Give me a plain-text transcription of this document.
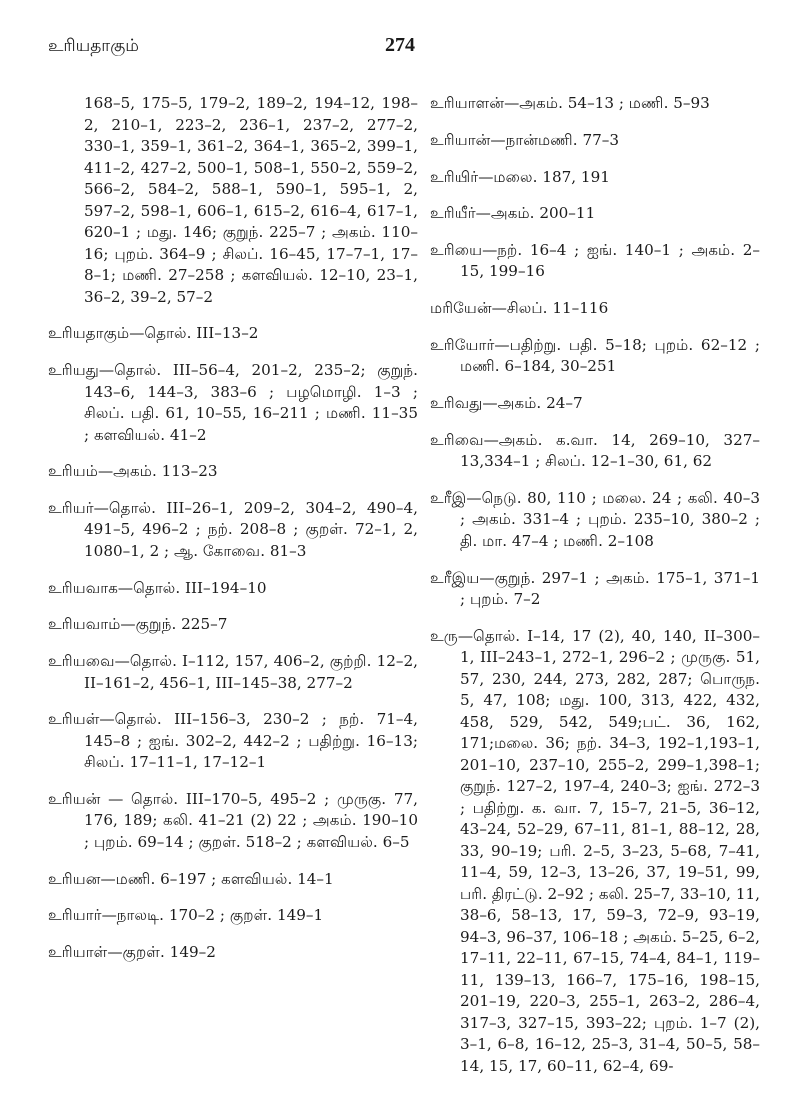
உரியதாகும்	274

168–5, 175–5, 179–2, 189–2, 194–12, 198–2, 210–1, 223–2, 236–1, 237–2, 277–2, 330–1, 359–1, 361–2, 364–1, 365–2, 399–1, 411–2, 427–2, 500–1, 508–1, 550–2, 559–2, 566–2, 584–2, 588–1, 590–1, 595–1, 2, 597–2, 598–1, 606–1, 615–2, 616–4, 617–1, 620–1 ; மது. 146; குறுந். 225–7 ; அகம். 110–16; புறம். 364–9 ; சிலப். 16–45, 17–7–1, 17–8–1; மணி. 27–258 ; களவியல். 12–10, 23–1, 36–2, 39–2, 57–2

உரியதாகும்—தொல். III–13–2

உரியது—தொல். III–56–4, 201–2, 235–2; குறுந். 143–6, 144–3, 383–6 ; பழமொழி. 1–3 ; சிலப். பதி. 61, 10–55, 16–211 ; மணி. 11–35 ; களவியல். 41–2

உரியம்—அகம். 113–23

உரியர்—தொல். III–26–1, 209–2, 304–2, 490–4, 491–5, 496–2 ; நற். 208–8 ; குறள். 72–1, 2, 1080–1, 2 ; ஆ. கோவை. 81–3

உரியவாக—தொல். III–194–10

உரியவாம்—குறுந். 225–7

உரியவை—தொல். I–112, 157, 406–2, குற்றி. 12–2, II–161–2, 456–1, III–145–38, 277–2

உரியள்—தொல். III–156–3, 230–2 ; நற். 71–4, 145–8 ; ஐங். 302–2, 442–2 ; பதிற்று. 16–13; சிலப். 17–11–1, 17–12–1

உரியன் — தொல். III–170–5, 495–2 ; முருகு. 77, 176, 189; கலி. 41–21 (2) 22 ; அகம். 190–10 ; புறம். 69–14 ; குறள். 518–2 ; களவியல். 6–5

உரியன—மணி. 6–197 ; களவியல். 14–1

உரியார்—நாலடி. 170–2 ; குறள். 149–1

உரியாள்—குறள். 149–2

உரியாளன்—அகம். 54–13 ; மணி. 5–93

உரியான்—நான்மணி. 77–3

உரியிர்—மலை. 187, 191

உரியீர்—அகம். 200–11

உரியை—நற். 16–4 ; ஐங். 140–1 ; அகம். 2–15, 199–16

மரியேன்—சிலப். 11–116

உரியோர்—பதிற்று. பதி. 5–18; புறம். 62–12 ; மணி. 6–184, 30–251

உரிவது—அகம். 24–7

உரிவை—அகம். க.வா. 14, 269–10, 327–13,334–1 ; சிலப். 12–1–30, 61, 62

உரீஇ—நெடு. 80, 110 ; மலை. 24 ; கலி. 40–3 ; அகம். 331–4 ; புறம். 235–10, 380–2 ; தி. மா. 47–4 ; மணி. 2–108

உரீஇய—குறுந். 297–1 ; அகம். 175–1, 371–1 ; புறம். 7–2

உரு—தொல். I–14, 17 (2), 40, 140, II–300–1, III–243–1, 272–1, 296–2 ; முருகு. 51, 57, 230, 244, 273, 282, 287; பொருந. 5, 47, 108; மது. 100, 313, 422, 432, 458, 529, 542, 549;பட். 36, 162, 171;மலை. 36; நற். 34–3, 192–1,193–1, 201–10, 237–10, 255–2, 299–1,398–1; குறுந். 127–2, 197–4, 240–3; ஐங். 272–3 ; பதிற்று. க. வா. 7, 15–7, 21–5, 36–12, 43–24, 52–29, 67–11, 81–1, 88–12, 28, 33, 90–19; பரி. 2–5, 3–23, 5–68, 7–41, 11–4, 59, 12–3, 13–26, 37, 19–51, 99, பரி. திரட்டு. 2–92 ; கலி. 25–7, 33–10, 11, 38–6, 58–13, 17, 59–3, 72–9, 93–19, 94–3, 96–37, 106–18 ; அகம். 5–25, 6–2, 17–11, 22–11, 67–15, 74–4, 84–1, 119–11, 139–13, 166–7, 175–16, 198–15, 201–19, 220–3, 255–1, 263–2, 286–4, 317–3, 327–15, 393–22; புறம். 1–7 (2), 3–1, 6–8, 16–12, 25–3, 31–4, 50–5, 58–14, 15, 17, 60–11, 62–4, 69-
